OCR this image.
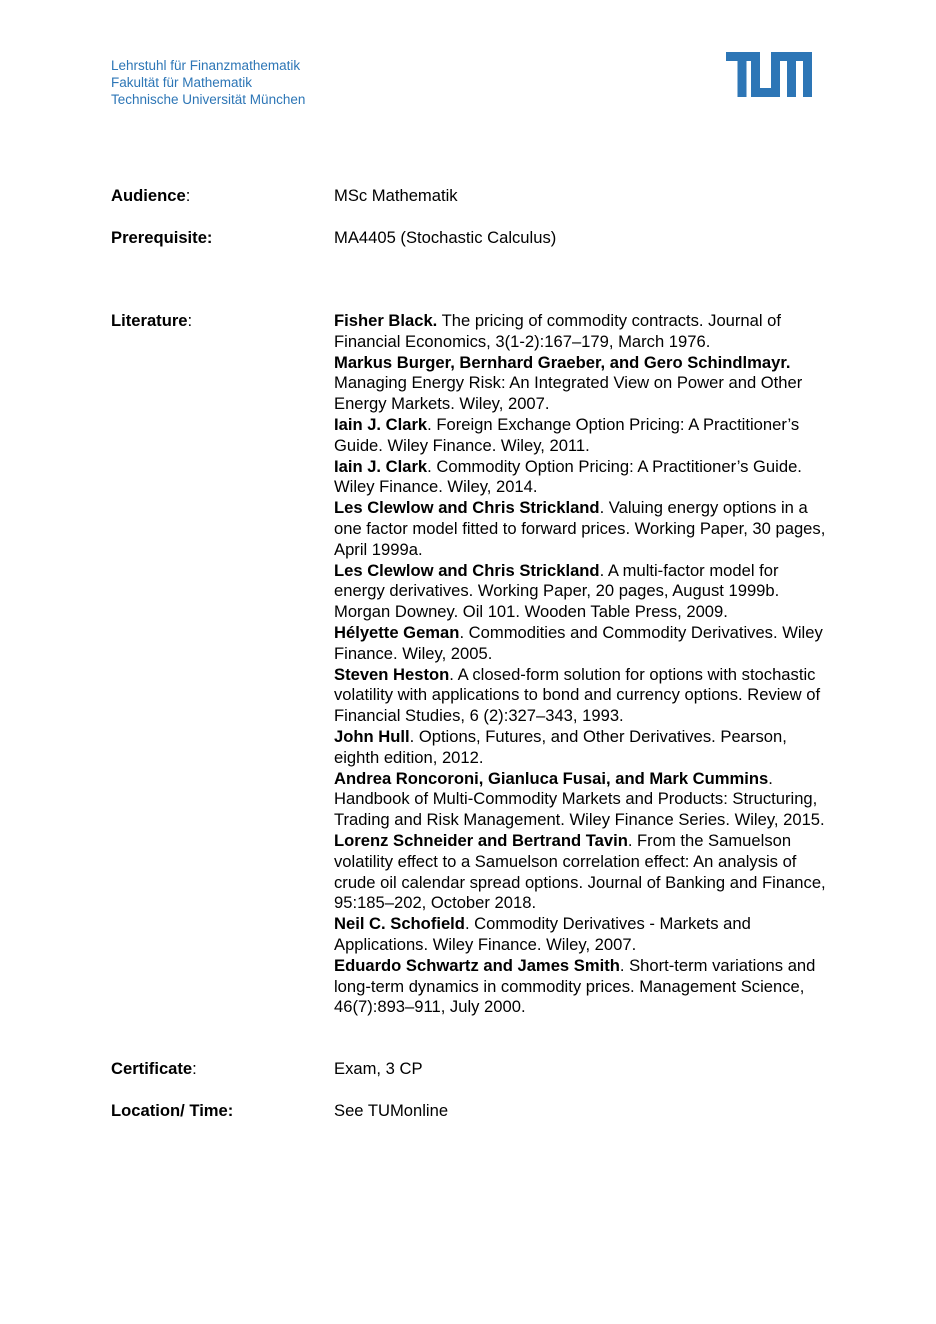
Lehrstuhl für Finanzmathematik
Fakultät für Mathematik
Technische Universität München
Audience:	MSc Mathematik
Prerequisite:	MA4405 (Stochastic Calculus)
Literature:	Fisher Black. The pricing of commodity contracts. Journal of Financial Economics, 3(1-2):167–179, March 1976.
Markus Burger, Bernhard Graeber, and Gero Schindlmayr. Managing Energy Risk: An Integrated View on Power and Other Energy Markets. Wiley, 2007.
Iain J. Clark. Foreign Exchange Option Pricing: A Practitioner’s Guide. Wiley Finance. Wiley, 2011.
Iain J. Clark. Commodity Option Pricing: A Practitioner’s Guide. Wiley Finance. Wiley, 2014.
Les Clewlow and Chris Strickland. Valuing energy options in a one factor model fitted to forward prices. Working Paper, 30 pages, April 1999a.
Les Clewlow and Chris Strickland. A multi-factor model for energy derivatives. Working Paper, 20 pages, August 1999b.
Morgan Downey. Oil 101. Wooden Table Press, 2009.
Hélyette Geman. Commodities and Commodity Derivatives. Wiley Finance. Wiley, 2005.
Steven Heston. A closed-form solution for options with stochastic volatility with applications to bond and currency options. Review of Financial Studies, 6 (2):327–343, 1993.
John Hull. Options, Futures, and Other Derivatives. Pearson, eighth edition, 2012.
Andrea Roncoroni, Gianluca Fusai, and Mark Cummins. Handbook of Multi-Commodity Markets and Products: Structuring, Trading and Risk Management. Wiley Finance Series. Wiley, 2015.
Lorenz Schneider and Bertrand Tavin. From the Samuelson volatility effect to a Samuelson correlation effect: An analysis of crude oil calendar spread options. Journal of Banking and Finance, 95:185–202, October 2018.
Neil C. Schofield. Commodity Derivatives - Markets and Applications. Wiley Finance. Wiley, 2007.
Eduardo Schwartz and James Smith. Short-term variations and long-term dynamics in commodity prices. Management Science, 46(7):893–911, July 2000.
Certificate:	Exam, 3 CP
Location/ Time:	See TUMonline
